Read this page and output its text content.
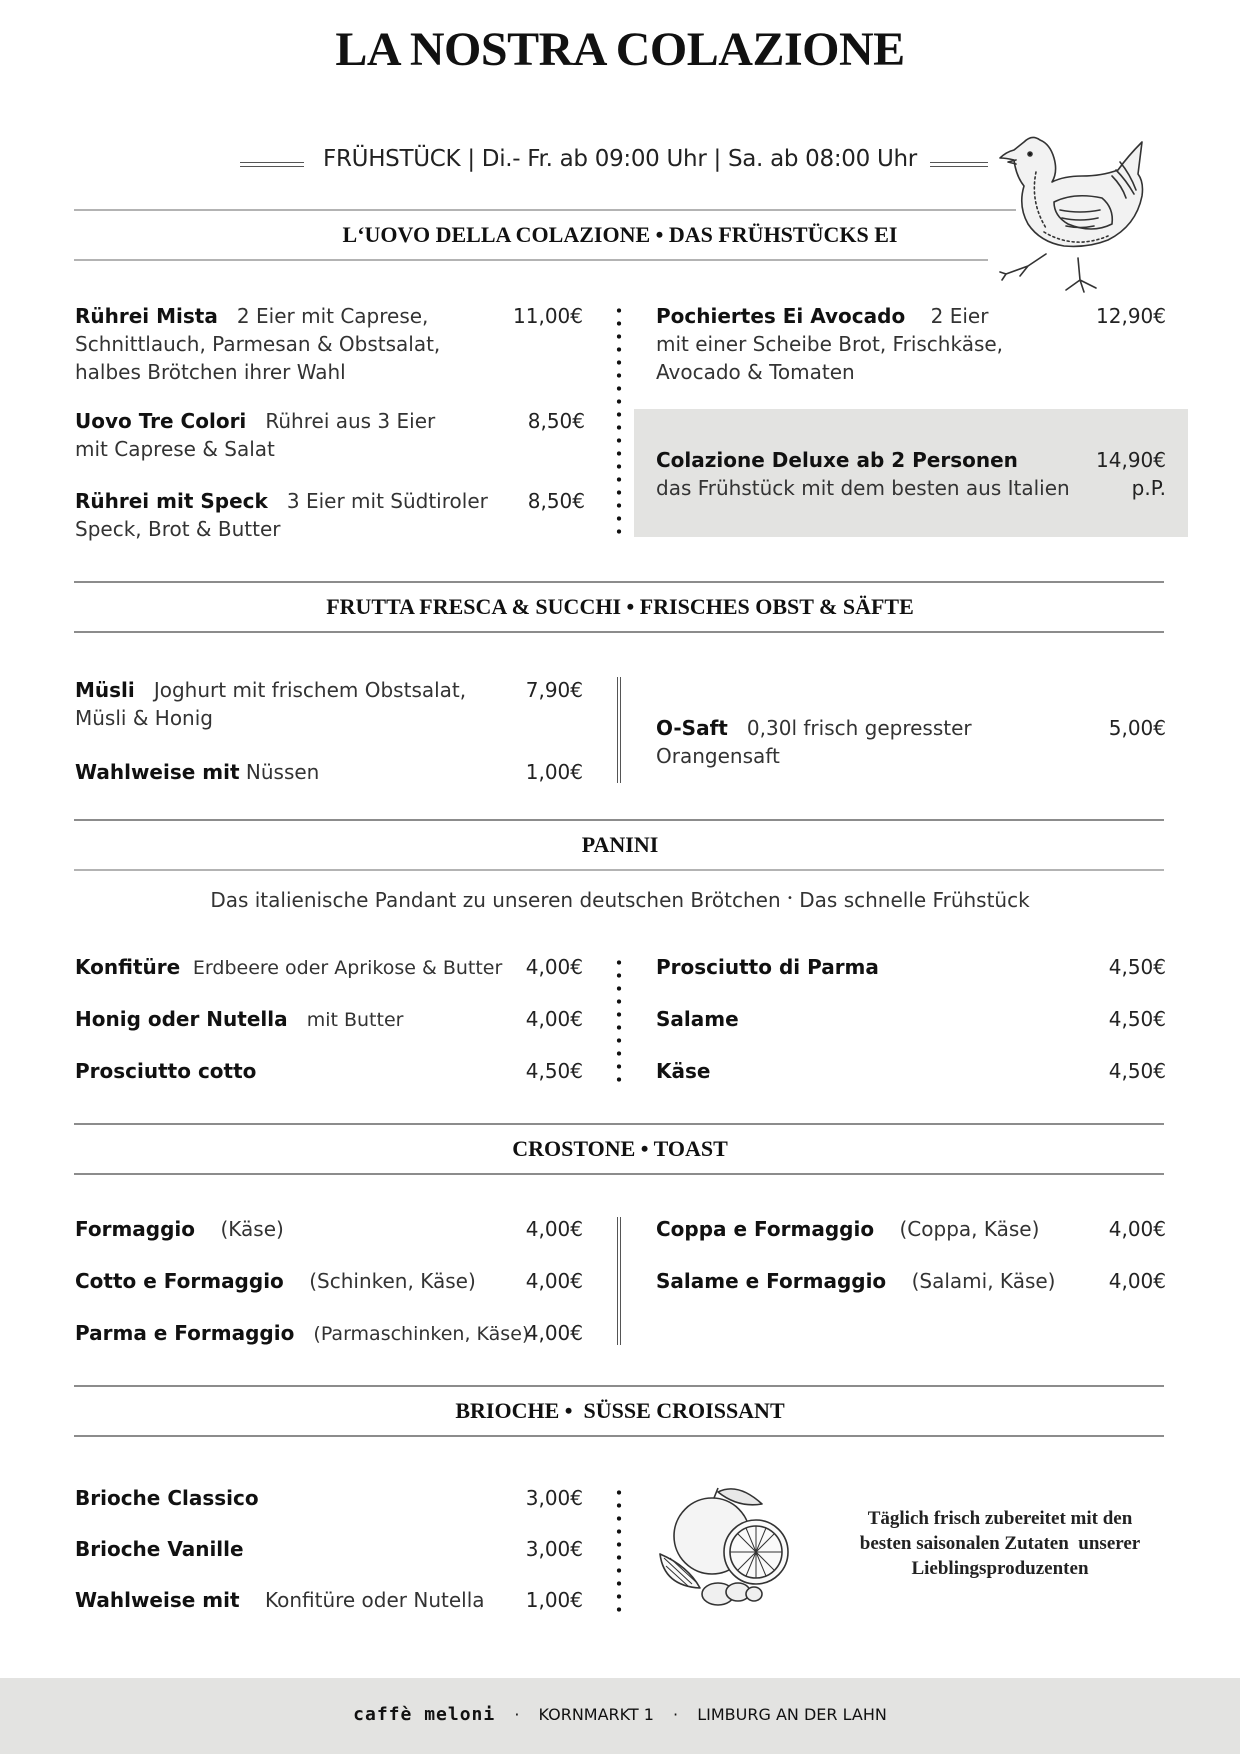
LA NOSTRA COLAZIONE
FRÜHSTÜCK | Di.- Fr. ab 09:00 Uhr | Sa. ab 08:00 Uhr
L‘UOVO DELLA COLAZIONE • DAS FRÜHSTÜCKS EI
Rührei Mista 2 Eier mit Caprese,
Schnittlauch, Parmesan & Obstsalat,
halbes Brötchen ihrer Wahl
11,00€
Uovo Tre Colori Rührei aus 3 Eier
mit Caprese & Salat
8,50€
Rührei mit Speck 3 Eier mit Südtiroler
Speck, Brot & Butter
8,50€
Pochiertes Ei Avocado 2 Eier
mit einer Scheibe Brot, Frischkäse,
Avocado & Tomaten
12,90€
Colazione Deluxe ab 2 Personen
das Frühstück mit dem besten aus Italien
14,90€
p.P.
FRUTTA FRESCA & SUCCHI • FRISCHES OBST & SÄFTE
Müsli Joghurt mit frischem Obstsalat,
Müsli & Honig
7,90€
Wahlweise mit Nüssen	1,00€
O-Saft 0,30l frisch gepresster Orangensaft
5,00€
PANINI
Das italienische Pandant zu unseren deutschen Brötchen • Das schnelle Frühstück
Konfitüre Erdbeere oder Aprikose & Butter	4,00€
Honig oder Nutella mit Butter	4,00€
Prosciutto cotto	4,50€
Prosciutto di Parma	4,50€
Salame	4,50€
Käse	4,50€
CROSTONE • TOAST
Formaggio (Käse)	4,00€
Cotto e Formaggio (Schinken, Käse)	4,00€
Parma e Formaggio (Parmaschinken, Käse)
4,00€
Coppa e Formaggio (Coppa, Käse)	4,00€
Salame e Formaggio (Salami, Käse)	4,00€
BRIOCHE •  SÜSSE CROISSANT
Brioche Classico	3,00€
Brioche Vanille	3,00€
Wahlweise mit Konfitüre oder Nutella	1,00€
Täglich frisch zubereitet mit den
besten saisonalen Zutaten  unserer
Lieblingsproduzenten
caffè meloni · KORNMARKT 1 · LIMBURG AN DER LAHN
